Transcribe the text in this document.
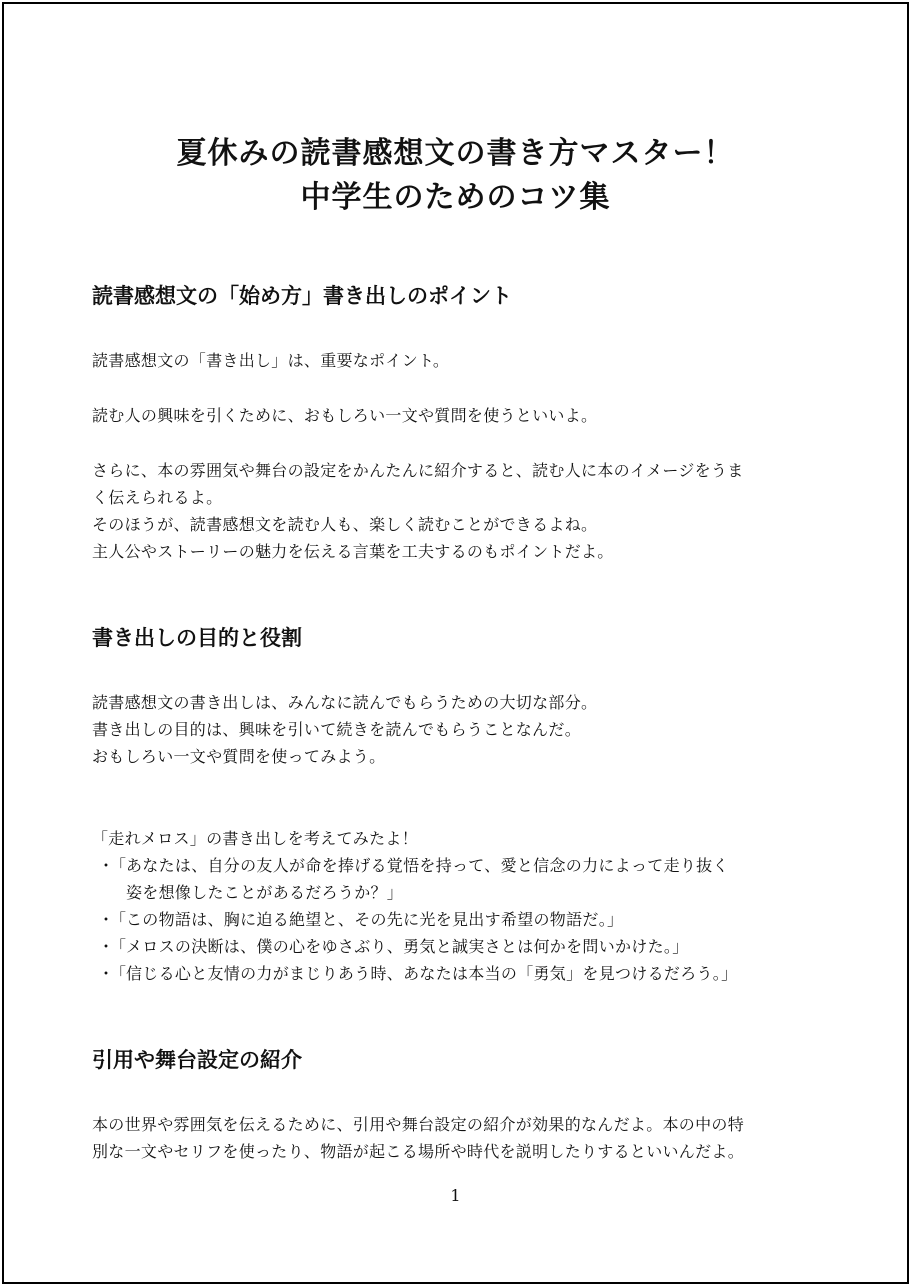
夏休みの読書感想文の書き方マスター！

中学生のためのコツ集

読書感想文の「始め方」書き出しのポイント

読書感想文の「書き出し」は、重要なポイント。

読む人の興味を引くために、おもしろい一文や質問を使うといいよ。

さらに、本の雰囲気や舞台の設定をかんたんに紹介すると、読む人に本のイメージをうま

く伝えられるよ。

そのほうが、読書感想文を読む人も、楽しく読むことができるよね。

主人公やストーリーの魅力を伝える言葉を工夫するのもポイントだよ。

書き出しの目的と役割

読書感想文の書き出しは、みんなに読んでもらうための大切な部分。

書き出しの目的は、興味を引いて続きを読んでもらうことなんだ。

おもしろい一文や質問を使ってみよう。

「走れメロス」の書き出しを考えてみたよ！

・
「 あなたは、自分の友人が命を捧げる覚悟を持って、愛と信念の力によって走り抜く
姿を想像したことがあるだろうか？」
・
「 この物語は、胸に迫る絶望と、その先に光を見出す希望の物語だ。」
・
「 メロスの決断は、僕の心をゆさぶり、勇気と誠実さとは何かを問いかけた。」
・
「 信じる心と友情の力がまじりあう時、あなたは本当の「勇気」を見つけるだろう。」
引用や舞台設定の紹介

本の世界や雰囲気を伝えるために、引用や舞台設定の紹介が効果的なんだよ。本の中の特

別な一文やセリフを使ったり、物語が起こる場所や時代を説明したりするといいんだよ。

1
